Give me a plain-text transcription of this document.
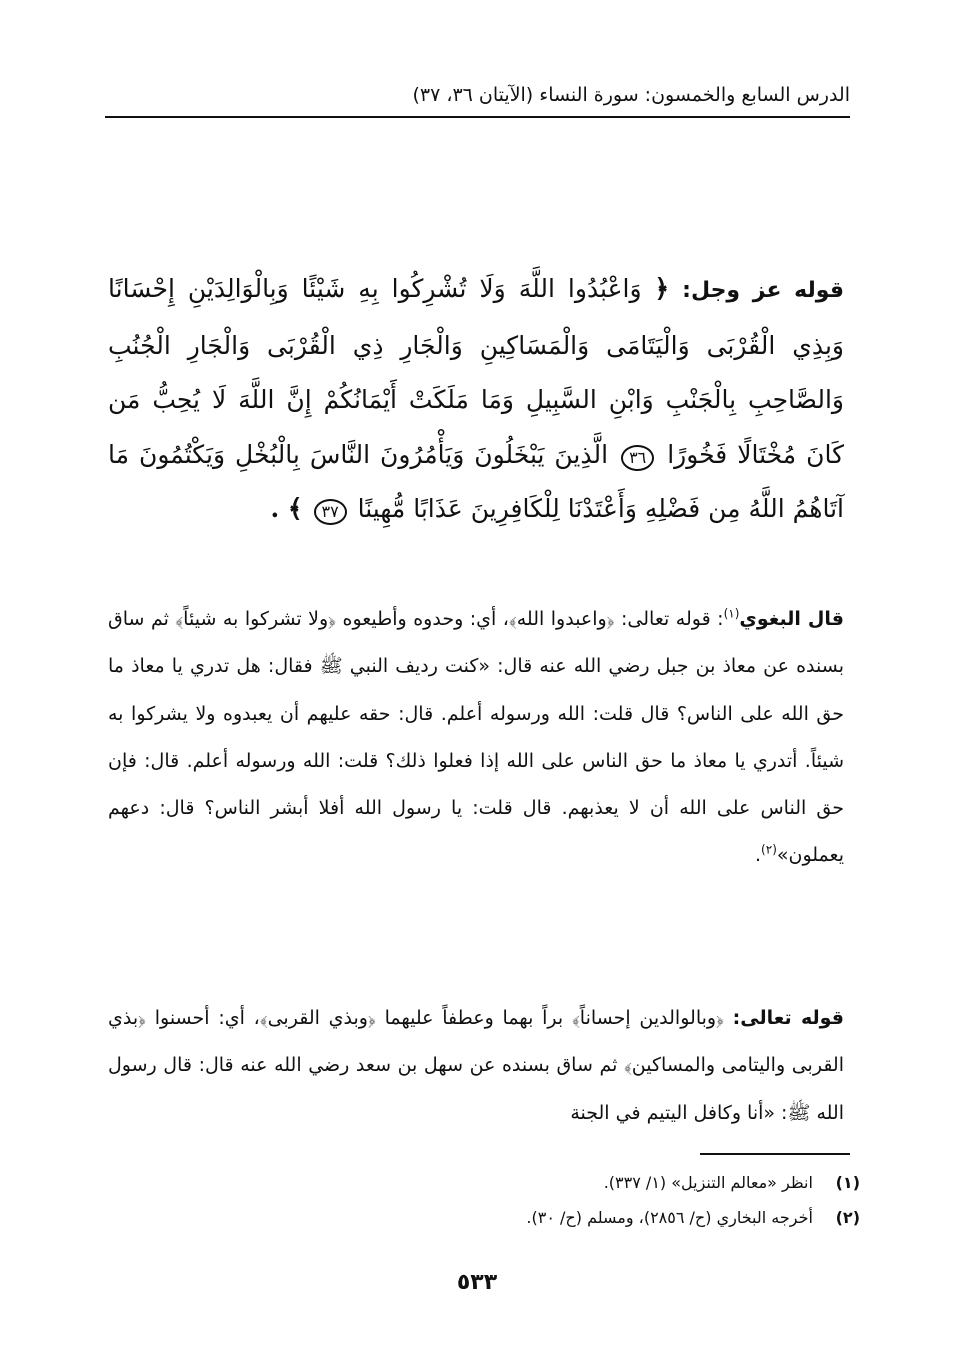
الدرس السابع والخمسون: سورة النساء (الآيتان ٣٦، ٣٧)
قوله عز وجل: ﴿ وَاعْبُدُوا اللَّهَ وَلَا تُشْرِكُوا بِهِ شَيْئًا وَبِالْوَالِدَيْنِ إِحْسَانًا وَبِذِي الْقُرْبَى وَالْيَتَامَى وَالْمَسَاكِينِ وَالْجَارِ ذِي الْقُرْبَى وَالْجَارِ الْجُنُبِ وَالصَّاحِبِ بِالْجَنْبِ وَابْنِ السَّبِيلِ وَمَا مَلَكَتْ أَيْمَانُكُمْ إِنَّ اللَّهَ لَا يُحِبُّ مَن كَانَ مُخْتَالًا فَخُورًا ٣٦ الَّذِينَ يَبْخَلُونَ وَيَأْمُرُونَ النَّاسَ بِالْبُخْلِ وَيَكْتُمُونَ مَا آتَاهُمُ اللَّهُ مِن فَضْلِهِ وَأَعْتَدْنَا لِلْكَافِرِينَ عَذَابًا مُّهِينًا ٣٧ ﴾ .
قال البغوي$^{(١)}$: قوله تعالى: ﴿واعبدوا الله﴾، أي: وحدوه وأطيعوه ﴿ولا تشركوا به شيئاً﴾ ثم ساق بسنده عن معاذ بن جبل رضي الله عنه قال: «كنت رديف النبي ﷺ فقال: هل تدري يا معاذ ما حق الله على الناس؟ قال قلت: الله ورسوله أعلم. قال: حقه عليهم أن يعبدوه ولا يشركوا به شيئاً. أتدري يا معاذ ما حق الناس على الله إذا فعلوا ذلك؟ قلت: الله ورسوله أعلم. قال: فإن حق الناس على الله أن لا يعذبهم. قال قلت: يا رسول الله أفلا أبشر الناس؟ قال: دعهم يعملون»$^{(٢)}$.
قوله تعالى: ﴿وبالوالدين إحساناً﴾ براً بهما وعطفاً عليهما ﴿وبذي القربى﴾، أي: أحسنوا ﴿بذي القربى واليتامى والمساكين﴾ ثم ساق بسنده عن سهل بن سعد رضي الله عنه قال: قال رسول الله ﷺ: «أنا وكافل اليتيم في الجنة
(١) انظر «معالم التنزيل» (١/ ٣٣٧).
(٢) أخرجه البخاري (ح/ ٢٨٥٦)، ومسلم (ح/ ٣٠).
٥٣٣
